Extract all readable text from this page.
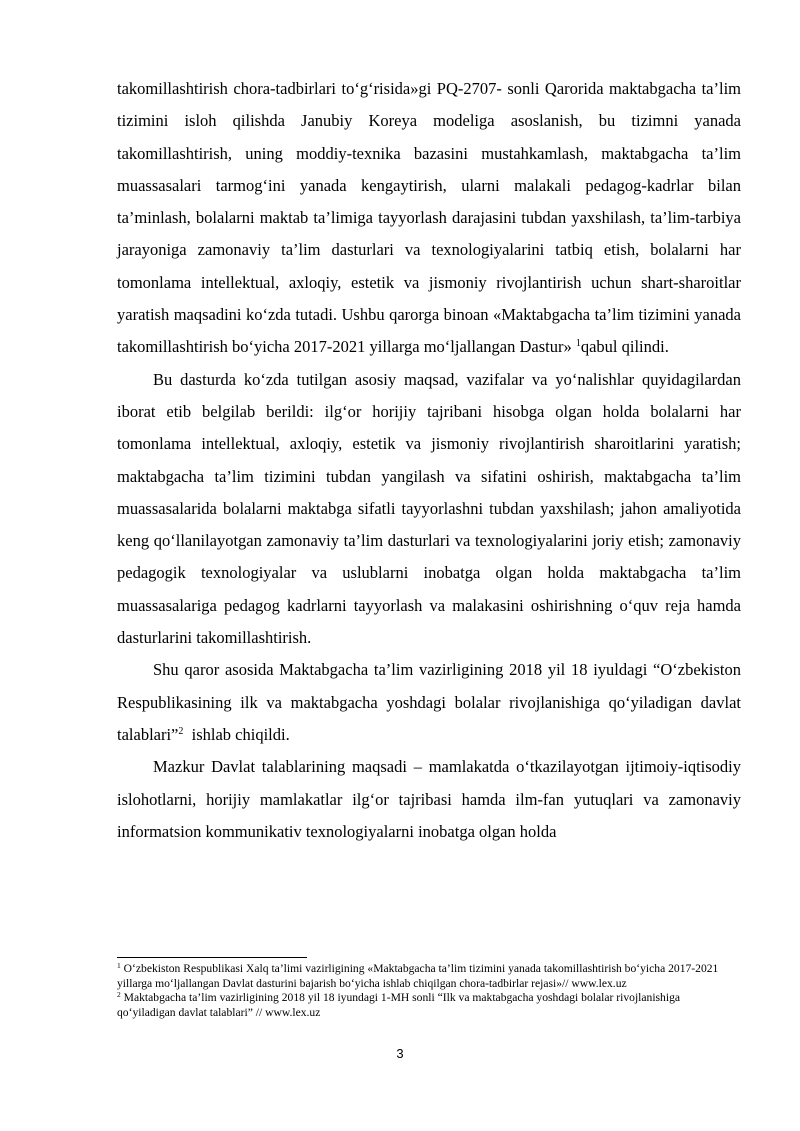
takomillashtirish chora-tadbirlari to‘g‘risida»gi PQ-2707- sonli Qarorida maktabgacha ta’lim tizimini isloh qilishda Janubiy Koreya modeliga asoslanish, bu tizimni yanada takomillashtirish, uning moddiy-texnika bazasini mustahkamlash, maktabgacha ta’lim muassasalari tarmog‘ini yanada kengaytirish, ularni malakali pedagog-kadrlar bilan ta’minlash, bolalarni maktab ta’limiga tayyorlash darajasini tubdan yaxshilash, ta’lim-tarbiya jarayoniga zamonaviy ta’lim dasturlari va texnologiyalarini tatbiq etish, bolalarni har tomonlama intellektual, axloqiy, estetik va jismoniy rivojlantirish uchun shart-sharoitlar yaratish maqsadini ko‘zda tutadi. Ushbu qarorga binoan «Maktabgacha ta’lim tizimini yanada takomillashtirish bo‘yicha 2017-2021 yillarga mo‘ljallangan Dastur» $^1$qabul qilindi.

Bu dasturda ko‘zda tutilgan asosiy maqsad, vazifalar va yo‘nalishlar quyidagilardan iborat etib belgilab berildi: ilg‘or horijiy tajribani hisobga olgan holda bolalarni har tomonlama intellektual, axloqiy, estetik va jismoniy rivojlantirish sharoitlarini yaratish; maktabgacha ta’lim tizimini tubdan yangilash va sifatini oshirish, maktabgacha ta’lim muassasalarida bolalarni maktabga sifatli tayyorlashni tubdan yaxshilash; jahon amaliyotida keng qo‘llanilayotgan zamonaviy ta’lim dasturlari va texnologiyalarini joriy etish; zamonaviy pedagogik texnologiyalar va uslublarni inobatga olgan holda maktabgacha ta’lim muassasalariga pedagog kadrlarni tayyorlash va malakasini oshirishning o‘quv reja hamda dasturlarini takomillashtirish.

Shu qaror asosida Maktabgacha ta’lim vazirligining 2018 yil 18 iyuldagi “O‘zbekiston Respublikasining ilk va maktabgacha yoshdagi bolalar rivojlanishiga qo‘yiladigan davlat talablari”$^2$ ishlab chiqildi.

Mazkur Davlat talablarining maqsadi – mamlakatda o‘tkazilayotgan ijtimoiy-iqtisodiy islohotlarni, horijiy mamlakatlar ilg‘or tajribasi hamda ilm-fan yutuqlari va zamonaviy informatsion kommunikativ texnologiyalarni inobatga olgan holda

$^1$ O‘zbekiston Respublikasi Xalq ta’limi vazirligining «Maktabgacha ta’lim tizimini yanada takomillashtirish bo‘yicha 2017-2021 yillarga mo‘ljallangan Davlat dasturini bajarish bo‘yicha ishlab chiqilgan chora-tadbirlar rejasi»// www.lex.uz

$^2$ Maktabgacha ta’lim vazirligining 2018 yil 18 iyundagi 1-MH sonli “Ilk va maktabgacha yoshdagi bolalar rivojlanishiga qo‘yiladigan davlat talablari” // www.lex.uz

3
